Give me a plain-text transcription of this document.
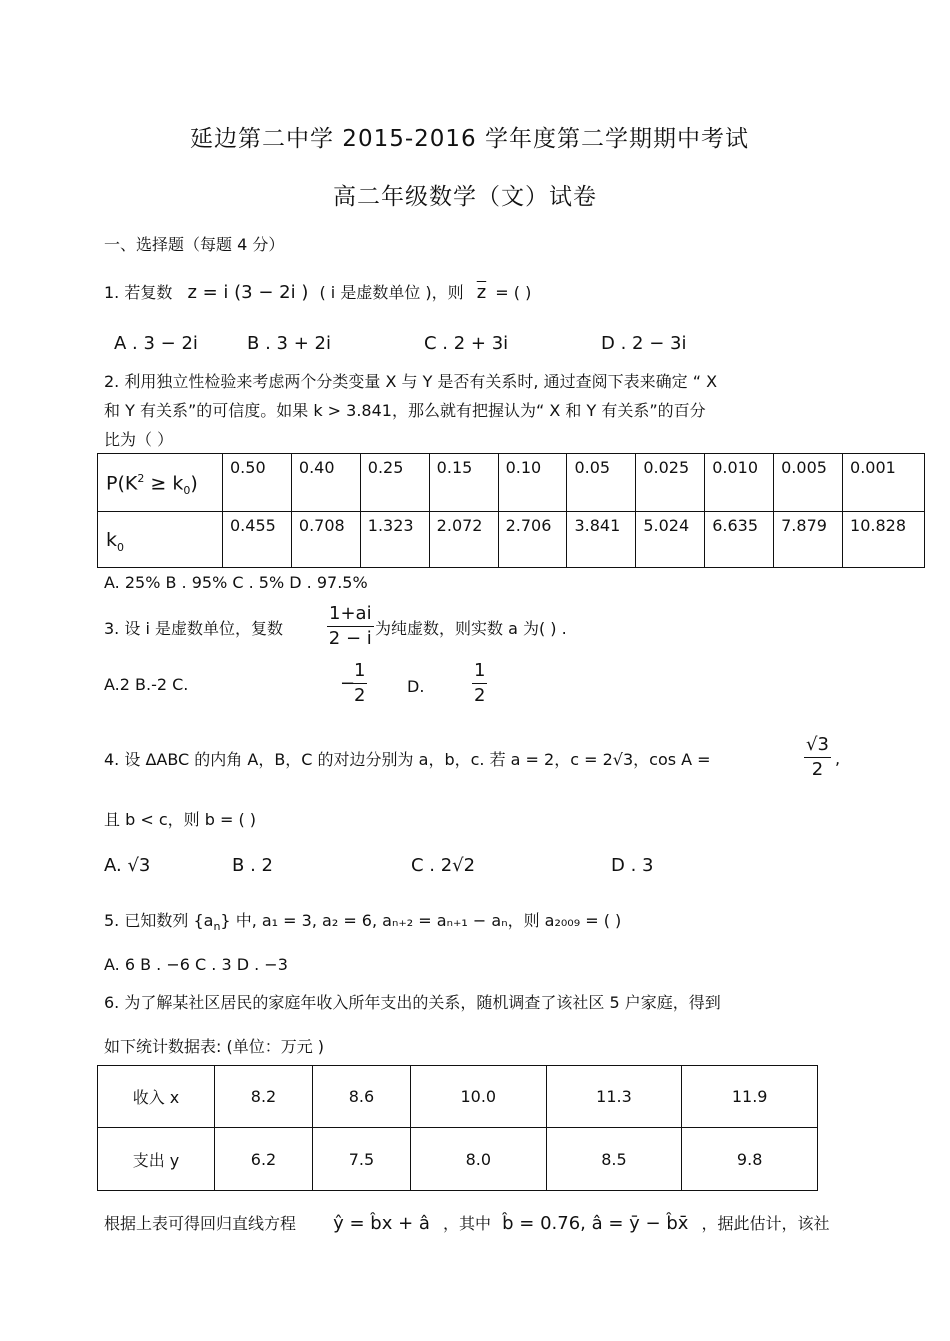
延边第二中学 2015-2016 学年度第二学期期中考试
高二年级数学（文）试卷
一、选择题（每题 4 分）
1. 若复数 z = i (3 − 2i ) ( i 是虚数单位 )，则 $\overline{z}$ = ( )
A . 3 − 2i	B . 3 + 2i	C . 2 + 3i	D . 2 − 3i
2. 利用独立性检验来考虑两个分类变量 X 与 Y 是否有关系时, 通过查阅下表来确定 “ X
和 Y 有关系”的可信度。如果 k > 3.841，那么就有把握认为“ X 和 Y 有关系”的百分
比为（ ）
$P(K^2 \ge k_0)$	0.50	0.40	0.25	0.15	0.10	0.05	0.025	0.010	0.005	0.001
$k_0$	0.455	0.708	1.323	2.072	2.706	3.841	5.024	6.635	7.879	10.828
A. 25% B . 95% C . 5% D . 97.5%
3. 设 i 是虚数单位，复数 $\frac{1+ai}{2 - i}$ 为纯虚数，则实数 a 为( ) .
A.2 B.-2 C.	−
$\frac{1}{2} D$.	$\frac{1}{2}$
4. 设 ΔABC 的内角 A，B，C 的对边分别为 a，b，c. 若 a = 2，c = 2√3，cos A =	$\frac{√3}{2}$ ,
且 b < c，则 b = ( )
A. √3	B . 2	C . 2√2	D . 3
5. 已知数列 $\{a_n\}$ 中, a₁ = 3, a₂ = 6, aₙ₊₂ = aₙ₊₁ − aₙ，则 a₂₀₀₉ = ( )
A. 6 B . −6 C . 3 D . −3
6. 为了解某社区居民的家庭年收入所年支出的关系，随机调查了该社区 5 户家庭，得到
如下统计数据表: (单位：万元 )
收入 x	8.2	8.6	10.0	11.3	11.9
支出 y	6.2	7.5	8.0	8.5	9.8
根据上表可得回归直线方程 ŷ = b̂x + â ，其中 b̂ = 0.76, â = ȳ − b̂x̄ ，据此估计，该社
